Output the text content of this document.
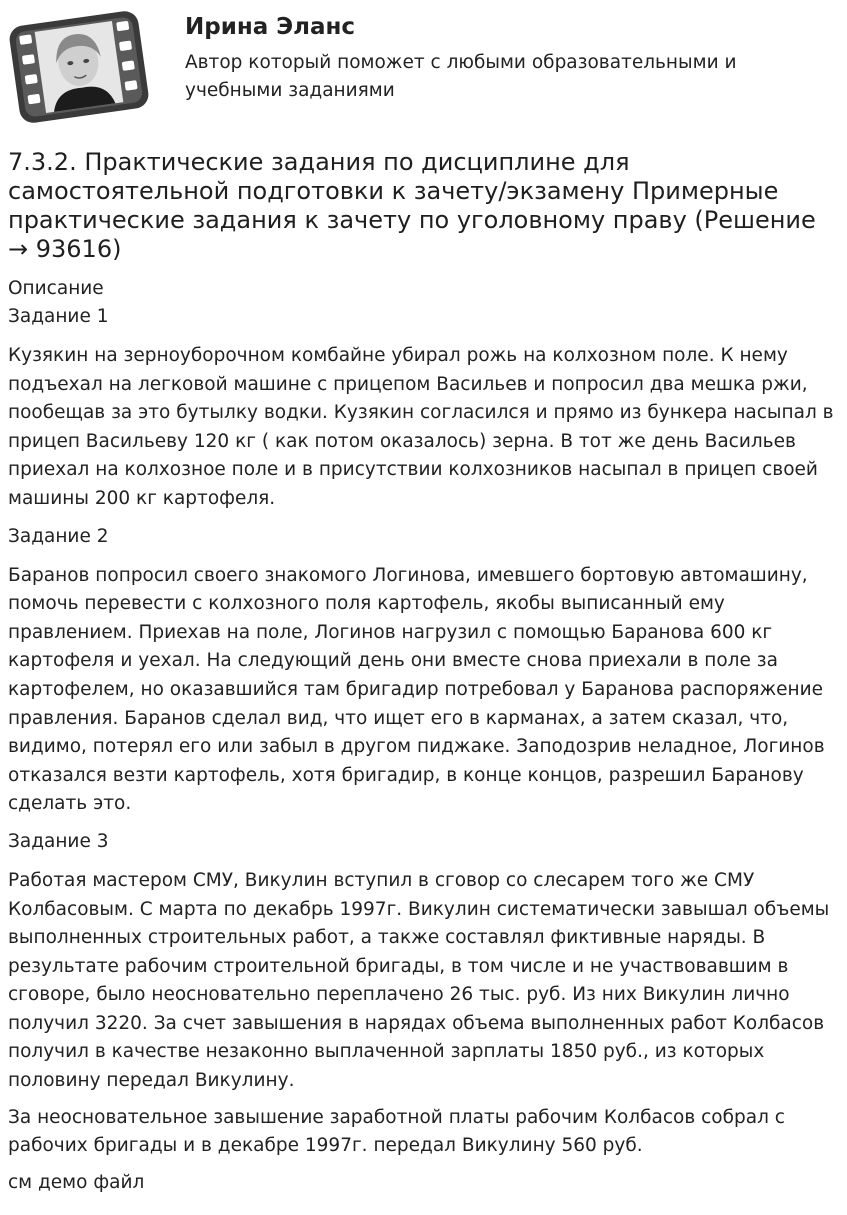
Ирина Эланс

Автор который поможет с любыми образовательными и учебными заданиями

7.3.2. Практические задания по дисциплине для самостоятельной подготовки к зачету/экзамену Примерные практические задания к зачету по уголовному праву (Решение → 93616)

Описание

Задание 1

Кузякин на зерноуборочном комбайне убирал рожь на колхозном поле. К нему подъехал на легковой машине с прицепом Васильев и попросил два мешка ржи, пообещав за это бутылку водки. Кузякин согласился и прямо из бункера насыпал в прицеп Васильеву 120 кг ( как потом оказалось) зерна. В тот же день Васильев приехал на колхозное поле и в присутствии колхозников насыпал в прицеп своей машины 200 кг картофеля.

Задание 2

Баранов попросил своего знакомого Логинова, имевшего бортовую автомашину, помочь перевести с колхозного поля картофель, якобы выписанный ему правлением. Приехав на поле, Логинов нагрузил с помощью Баранова 600 кг картофеля и уехал. На следующий день они вместе снова приехали в поле за картофелем, но оказавшийся там бригадир потребовал у Баранова распоряжение правления. Баранов сделал вид, что ищет его в карманах, а затем сказал, что, видимо, потерял его или забыл в другом пиджаке. Заподозрив неладное, Логинов отказался везти картофель, хотя бригадир, в конце концов, разрешил Баранову сделать это.

Задание 3

Работая мастером СМУ, Викулин вступил в сговор со слесарем того же СМУ Колбасовым. С марта по декабрь 1997г. Викулин систематически завышал объемы выполненных строительных работ, а также составлял фиктивные наряды. В результате рабочим строительной бригады, в том числе и не участвовавшим в сговоре, было неосновательно переплачено 26 тыс. руб. Из них Викулин лично получил 3220. За счет завышения в нарядах объема выполненных работ Колбасов получил в качестве незаконно выплаченной зарплаты 1850 руб., из которых половину передал Викулину.

За неосновательное завышение заработной платы рабочим Колбасов собрал с рабочих бригады и в декабре 1997г. передал Викулину 560 руб.

см демо файл
